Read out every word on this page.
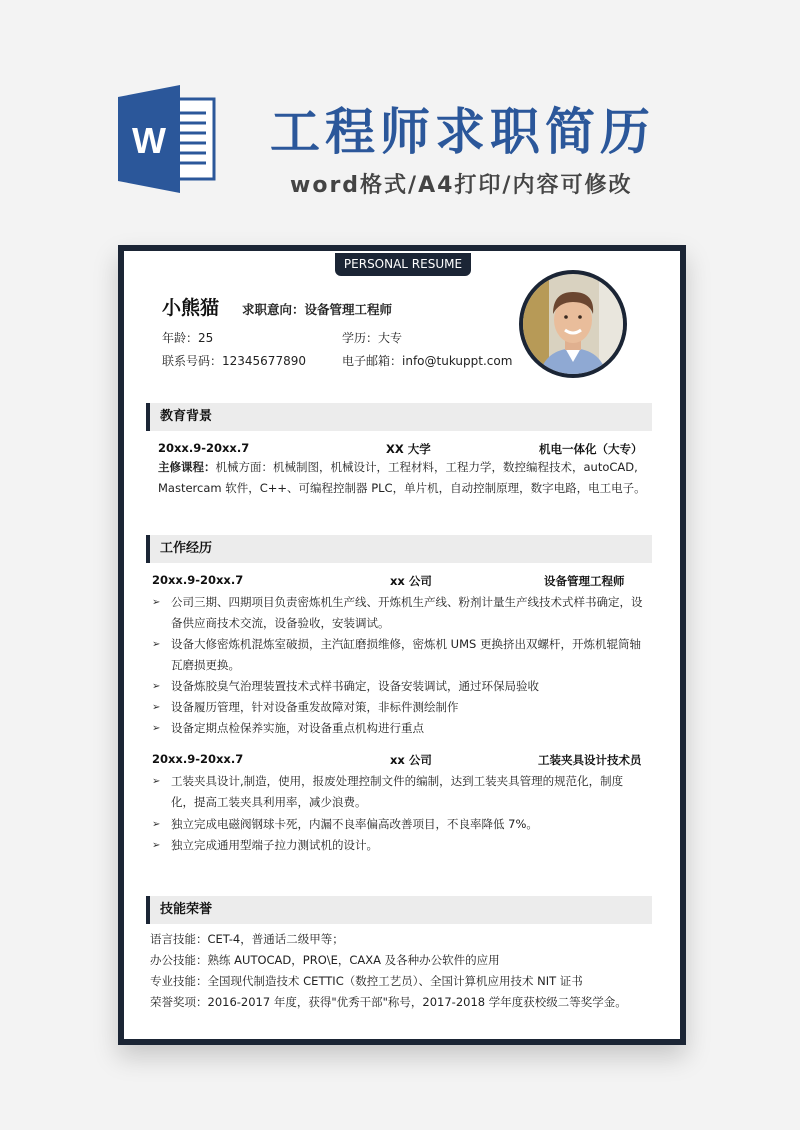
W 工程师求职简历
word格式/A4打印/内容可修改
PERSONAL RESUME
小熊猫 求职意向：设备管理工程师
年龄：25	学历：大专
联系号码：12345677890	电子邮箱：info@tukuppt.com
教育背景
20xx.9-20xx.7	XX 大学	机电一体化（大专）
主修课程：机械方面：机械制图，机械设计，工程材料，工程力学，数控编程技术，autoCAD,
Mastercam 软件，C++、可编程控制器 PLC，单片机，自动控制原理，数字电路，电工电子。
工作经历
20xx.9-20xx.7	xx 公司	设备管理工程师
➢ 公司三期、四期项目负责密炼机生产线、开炼机生产线、粉剂计量生产线技术式样书确定，设备供应商技术交流，设备验收，安装调试。
➢ 设备大修密炼机混炼室破损，主汽缸磨损维修，密炼机 UMS 更换挤出双螺杆，开炼机辊筒轴瓦磨损更换。
➢ 设备炼胶臭气治理装置技术式样书确定，设备安装调试，通过环保局验收
➢ 设备履历管理，针对设备重发故障对策，非标件测绘制作
➢ 设备定期点检保养实施，对设备重点机构进行重点
20xx.9-20xx.7	xx 公司	工装夹具设计技术员
➢ 工装夹具设计,制造，使用，报废处理控制文件的编制，达到工装夹具管理的规范化，制度化，提高工装夹具利用率，减少浪费。
➢ 独立完成电磁阀钢球卡死，内漏不良率偏高改善项目，不良率降低 7%。
➢ 独立完成通用型端子拉力测试机的设计。
技能荣誉
语言技能：CET-4，普通话二级甲等；
办公技能：熟练 AUTOCAD，PRO\E，CAXA 及各种办公软件的应用
专业技能：全国现代制造技术 CETTIC（数控工艺员）、全国计算机应用技术 NIT 证书
荣誉奖项：2016-2017 年度，获得"优秀干部"称号，2017-2018 学年度获校级二等奖学金。
